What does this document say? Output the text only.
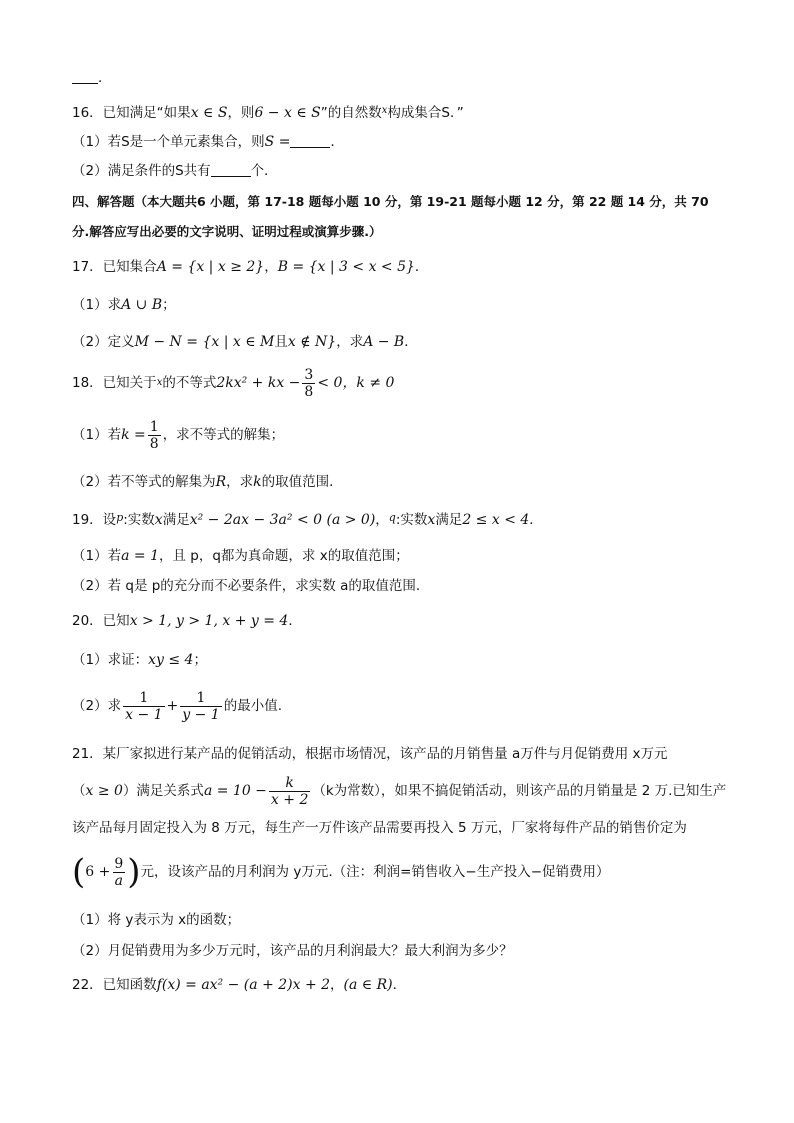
．
16．已知满足“如果x ∈ S，则6 − x ∈ S”的自然数$^x$构成集合S．”
（1）若S是一个单元素集合，则S =	．
（2）满足条件的S共有	个．
四、解答题（本大题共6 小题，第 17-18 题每小题 10 分，第 19-21 题每小题 12 分，第 22 题 14 分，共 70
分.解答应写出必要的文字说明、证明过程或演算步骤.）
17．已知集合A = {x | x ≥ 2}，B = {x | 3 < x < 5}．
（1）求A ∪ B；
（2）定义M − N = {x | x ∈ M且x ∉ N}，求A − B．
18．已知关于 x 的不等式 2kx² + kx − $\frac{3}{8} < 0$ ，k ≠ 0
（1）若 $k = \frac{1}{8}$ ，求不等式的解集；
（2）若不等式的解集为R，求k的取值范围．
19．设$^p$:实数x满足x² − 2ax − 3a² < 0 (a > 0)，$^q$:实数x满足2 ≤ x < 4．
（1）若a = 1，且 p，q都为真命题，求 x的取值范围；
（2）若 q是 p的充分而不必要条件，求实数 a的取值范围．
20．已知x > 1, y > 1, x + y = 4．
（1）求证：xy ≤ 4；
（2）求 $\frac{1}{x - 1} + \frac{1}{y - 1}$ 的最小值.
21．某厂家拟进行某产品的促销活动，根据市场情况，该产品的月销售量 a万件与月促销费用 x万元
（ x ≥ 0 ）满足关系式 $a = 10 - \frac{k}{x + 2} (k$为常数），如果不搞促销活动，则该产品的月销量是 2 万.已知生产
该产品每月固定投入为 8 万元，每生产一万件该产品需要再投入 5 万元，厂家将每件产品的销售价定为
( $6 + \frac{9}{a}$ ) 元，设该产品的月利润为 y万元.（注：利润=销售收入−生产投入−促销费用）
（1）将 y表示为 x的函数；
（2）月促销费用为多少万元时，该产品的月利润最大？最大利润为多少？
22．已知函数f(x) = ax² − (a + 2)x + 2，(a ∈ R)．
